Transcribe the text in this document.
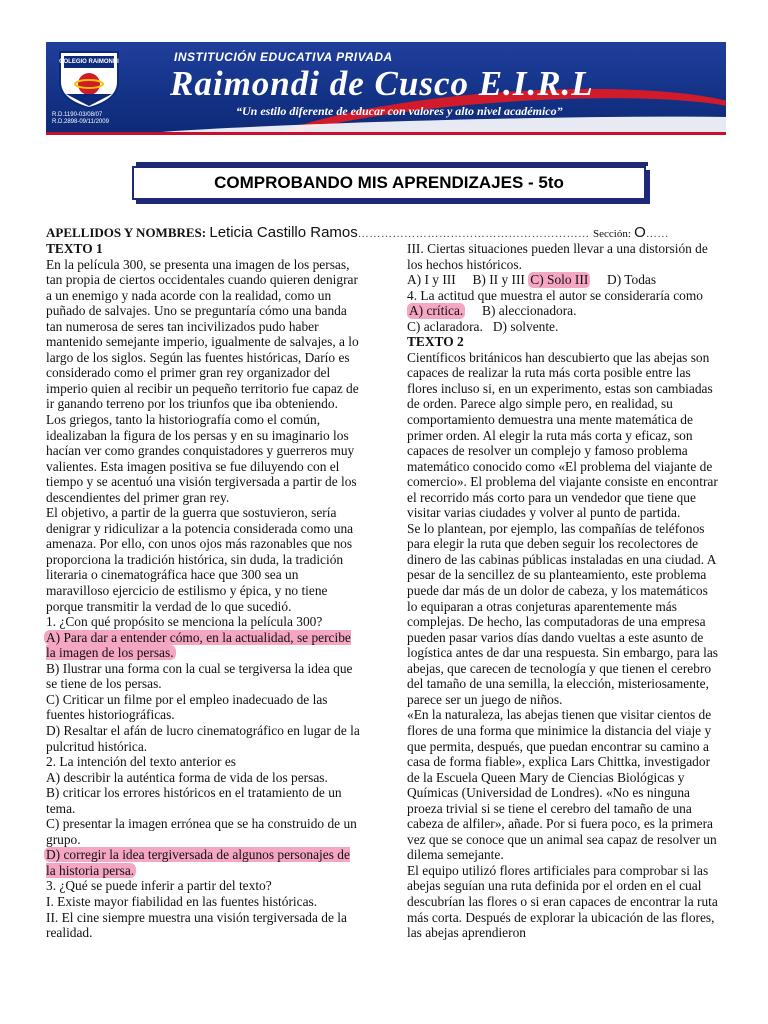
COLEGIO RAIMONDI
R.D.1190-03/08/07
R.D.2898-09/11/2009
INSTITUCIÓN EDUCATIVA PRIVADA
Raimondi de Cusco E.I.R.L
“Un estilo diferente de educar con valores y alto nivel académico”
COMPROBANDO MIS APRENDIZAJES - 5to
APELLIDOS Y NOMBRES: Leticia Castillo Ramos…………………………………………………… Sección: O……

TEXTO 1

En la película 300, se presenta una imagen de los persas, tan propia de ciertos occidentales cuando quieren denigrar a un enemigo y nada acorde con la realidad, como un puñado de salvajes. Uno se preguntaría cómo una banda tan numerosa de seres tan incivilizados pudo haber mantenido semejante imperio, igualmente de salvajes, a lo largo de los siglos. Según las fuentes históricas, Darío es considerado como el primer gran rey organizador del imperio quien al recibir un pequeño territorio fue capaz de ir ganando terreno por los triunfos que iba obteniendo.

Los griegos, tanto la historiografía como el común, idealizaban la figura de los persas y en su imaginario los hacían ver como grandes conquistadores y guerreros muy valientes. Esta imagen positiva se fue diluyendo con el tiempo y se acentuó una visión tergiversada a partir de los descendientes del primer gran rey.

El objetivo, a partir de la guerra que sostuvieron, sería denigrar y ridiculizar a la potencia considerada como una amenaza. Por ello, con unos ojos más razonables que nos proporciona la tradición histórica, sin duda, la tradición literaria o cinematográfica hace que 300 sea un maravilloso ejercicio de estilismo y épica, y no tiene porque transmitir la verdad de lo que sucedió.

1. ¿Con qué propósito se menciona la película 300?

A) Para dar a entender cómo, en la actualidad, se percibe la imagen de los persas.

B) Ilustrar una forma con la cual se tergiversa la idea que se tiene de los persas.

C) Criticar un filme por el empleo inadecuado de las fuentes historiográficas.

D) Resaltar el afán de lucro cinematográfico en lugar de la pulcritud histórica.

2. La intención del texto anterior es

A) describir la auténtica forma de vida de los persas.

B) criticar los errores históricos en el tratamiento de un tema.

C) presentar la imagen errónea que se ha construido de un grupo.

D) corregir la idea tergiversada de algunos personajes de la historia persa.

3. ¿Qué se puede inferir a partir del texto?

I. Existe mayor fiabilidad en las fuentes históricas.

II. El cine siempre muestra una visión tergiversada de la realidad.

III. Ciertas situaciones pueden llevar a una distorsión de los hechos históricos.

A) I y III B) II y III C) Solo III D) Todas

4. La actitud que muestra el autor se consideraría como

A) crítica. B) aleccionadora.

C) aclaradora. D) solvente.

TEXTO 2

Científicos británicos han descubierto que las abejas son capaces de realizar la ruta más corta posible entre las flores incluso si, en un experimento, estas son cambiadas de orden. Parece algo simple pero, en realidad, su comportamiento demuestra una mente matemática de primer orden. Al elegir la ruta más corta y eficaz, son capaces de resolver un complejo y famoso problema matemático conocido como «El problema del viajante de comercio». El problema del viajante consiste en encontrar el recorrido más corto para un vendedor que tiene que visitar varias ciudades y volver al punto de partida.

Se lo plantean, por ejemplo, las compañías de teléfonos para elegir la ruta que deben seguir los recolectores de dinero de las cabinas públicas instaladas en una ciudad. A pesar de la sencillez de su planteamiento, este problema puede dar más de un dolor de cabeza, y los matemáticos lo equiparan a otras conjeturas aparentemente más complejas. De hecho, las computadoras de una empresa pueden pasar varios días dando vueltas a este asunto de logística antes de dar una respuesta. Sin embargo, para las abejas, que carecen de tecnología y que tienen el cerebro del tamaño de una semilla, la elección, misteriosamente, parece ser un juego de niños.

«En la naturaleza, las abejas tienen que visitar cientos de flores de una forma que minimice la distancia del viaje y que permita, después, que puedan encontrar su camino a casa de forma fiable», explica Lars Chittka, investigador de la Escuela Queen Mary de Ciencias Biológicas y Químicas (Universidad de Londres). «No es ninguna proeza trivial si se tiene el cerebro del tamaño de una cabeza de alfiler», añade. Por si fuera poco, es la primera vez que se conoce que un animal sea capaz de resolver un dilema semejante.

El equipo utilizó flores artificiales para comprobar si las abejas seguían una ruta definida por el orden en el cual descubrían las flores o si eran capaces de encontrar la ruta más corta. Después de explorar la ubicación de las flores, las abejas aprendieron
